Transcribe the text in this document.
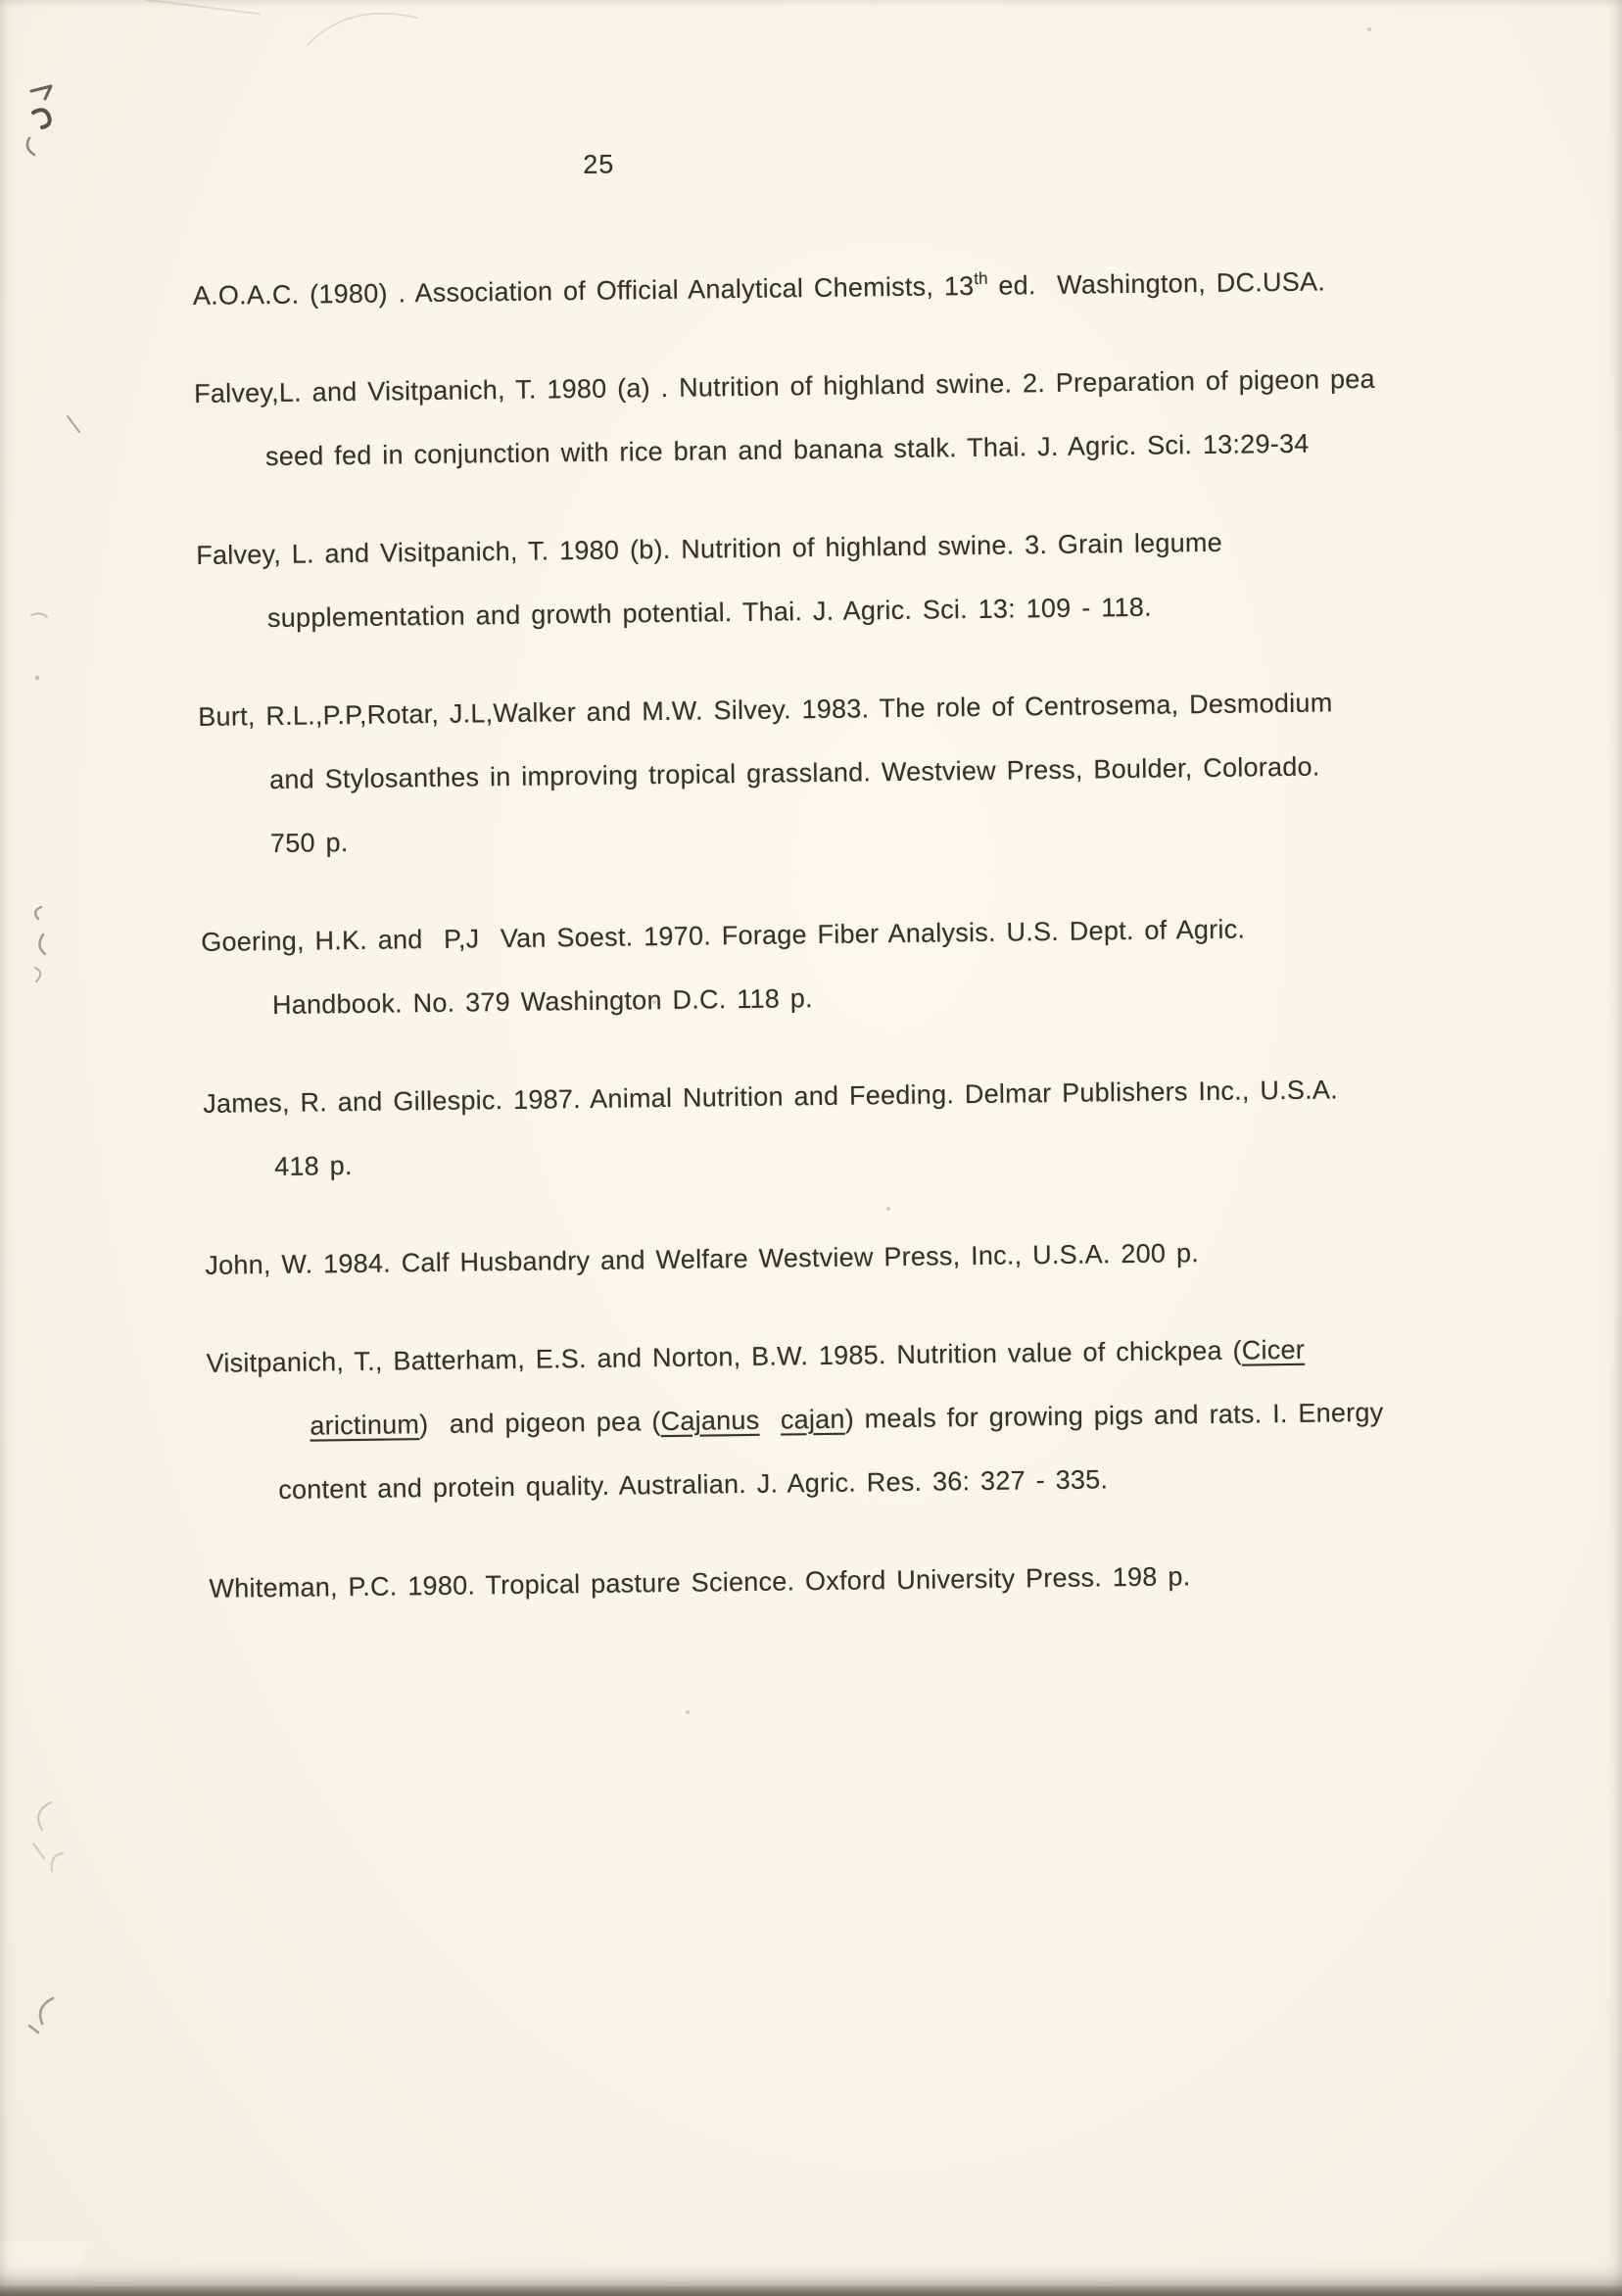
25
A.O.A.C. (1980) . Association of Official Analytical Chemists, 13th ed.  Washington, DC.USA.
Falvey,L. and Visitpanich, T. 1980 (a) . Nutrition of highland swine. 2. Preparation of pigeon pea
seed fed in conjunction with rice bran and banana stalk. Thai. J. Agric. Sci. 13:29-34
Falvey, L. and Visitpanich, T. 1980 (b). Nutrition of highland swine. 3. Grain legume
supplementation and growth potential. Thai. J. Agric. Sci. 13: 109 - 118.
Burt, R.L.,P.P,Rotar, J.L,Walker and M.W. Silvey. 1983. The role of Centrosema, Desmodium
and Stylosanthes in improving tropical grassland. Westview Press, Boulder, Colorado.
750 p.
Goering, H.K. and  P,J  Van Soest. 1970. Forage Fiber Analysis. U.S. Dept. of Agric.
Handbook. No. 379 Washington D.C. 118 p.
James, R. and Gillespic. 1987. Animal Nutrition and Feeding. Delmar Publishers Inc., U.S.A.
418 p.
John, W. 1984. Calf Husbandry and Welfare Westview Press, Inc., U.S.A. 200 p.
Visitpanich, T., Batterham, E.S. and Norton, B.W. 1985. Nutrition value of chickpea (Cicer
arictinum)  and pigeon pea (Cajanus cajan) meals for growing pigs and rats. I. Energy
content and protein quality. Australian. J. Agric. Res. 36: 327 - 335.
Whiteman, P.C. 1980. Tropical pasture Science. Oxford University Press. 198 p.
